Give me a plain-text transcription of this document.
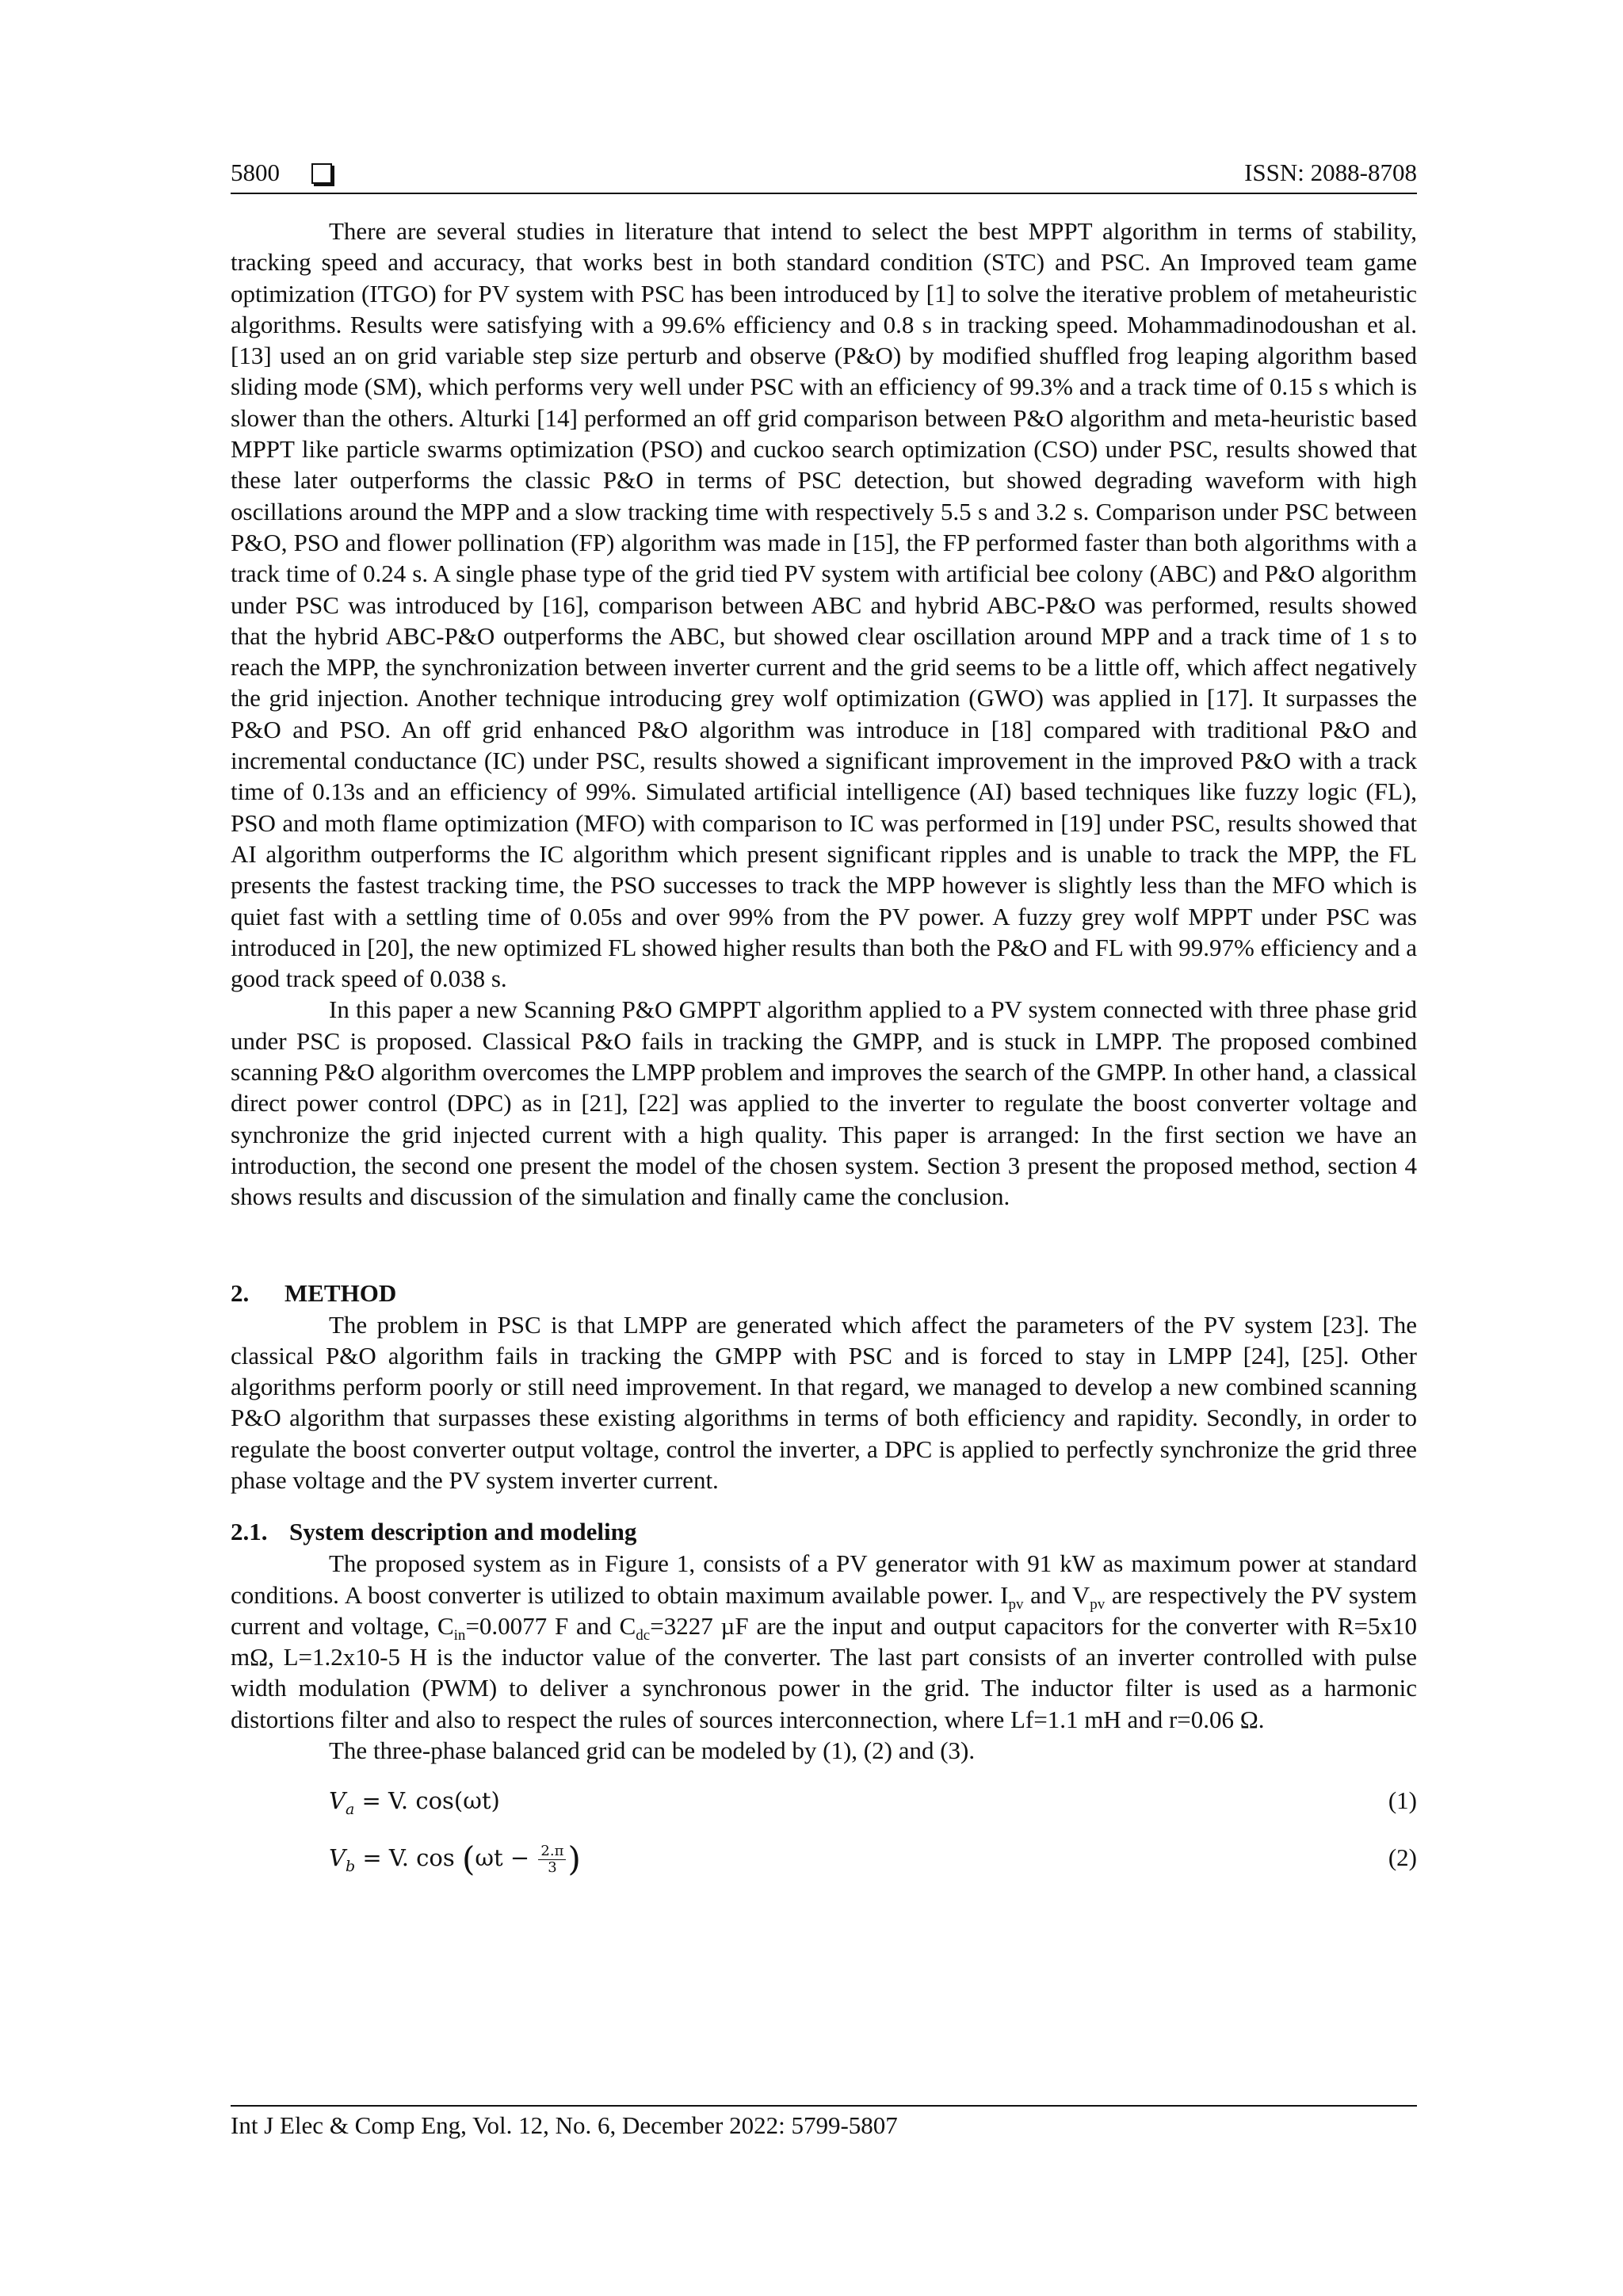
5800	ISSN: 2088-8708

There are several studies in literature that intend to select the best MPPT algorithm in terms of stability, tracking speed and accuracy, that works best in both standard condition (STC) and PSC. An Improved team game optimization (ITGO) for PV system with PSC has been introduced by [1] to solve the iterative problem of metaheuristic algorithms. Results were satisfying with a 99.6% efficiency and 0.8 s in tracking speed. Mohammadinodoushan et al. [13] used an on grid variable step size perturb and observe (P&O) by modified shuffled frog leaping algorithm based sliding mode (SM), which performs very well under PSC with an efficiency of 99.3% and a track time of 0.15 s which is slower than the others. Alturki [14] performed an off grid comparison between P&O algorithm and meta-heuristic based MPPT like particle swarms optimization (PSO) and cuckoo search optimization (CSO) under PSC, results showed that these later outperforms the classic P&O in terms of PSC detection, but showed degrading waveform with high oscillations around the MPP and a slow tracking time with respectively 5.5 s and 3.2 s. Comparison under PSC between P&O, PSO and flower pollination (FP) algorithm was made in [15], the FP performed faster than both algorithms with a track time of 0.24 s. A single phase type of the grid tied PV system with artificial bee colony (ABC) and P&O algorithm under PSC was introduced by [16], comparison between ABC and hybrid ABC-P&O was performed, results showed that the hybrid ABC-P&O outperforms the ABC, but showed clear oscillation around MPP and a track time of 1 s to reach the MPP, the synchronization between inverter current and the grid seems to be a little off, which affect negatively the grid injection. Another technique introducing grey wolf optimization (GWO) was applied in [17]. It surpasses the P&O and PSO. An off grid enhanced P&O algorithm was introduce in [18] compared with traditional P&O and incremental conductance (IC) under PSC, results showed a significant improvement in the improved P&O with a track time of 0.13s and an efficiency of 99%. Simulated artificial intelligence (AI) based techniques like fuzzy logic (FL), PSO and moth flame optimization (MFO) with comparison to IC was performed in [19] under PSC, results showed that AI algorithm outperforms the IC algorithm which present significant ripples and is unable to track the MPP, the FL presents the fastest tracking time, the PSO successes to track the MPP however is slightly less than the MFO which is quiet fast with a settling time of 0.05s and over 99% from the PV power. A fuzzy grey wolf MPPT under PSC was introduced in [20], the new optimized FL showed higher results than both the P&O and FL with 99.97% efficiency and a good track speed of 0.038 s.

In this paper a new Scanning P&O GMPPT algorithm applied to a PV system connected with three phase grid under PSC is proposed. Classical P&O fails in tracking the GMPP, and is stuck in LMPP. The proposed combined scanning P&O algorithm overcomes the LMPP problem and improves the search of the GMPP. In other hand, a classical direct power control (DPC) as in [21], [22] was applied to the inverter to regulate the boost converter voltage and synchronize the grid injected current with a high quality. This paper is arranged: In the first section we have an introduction, the second one present the model of the chosen system. Section 3 present the proposed method, section 4 shows results and discussion of the simulation and finally came the conclusion.

2. METHOD

The problem in PSC is that LMPP are generated which affect the parameters of the PV system [23]. The classical P&O algorithm fails in tracking the GMPP with PSC and is forced to stay in LMPP [24], [25]. Other algorithms perform poorly or still need improvement. In that regard, we managed to develop a new combined scanning P&O algorithm that surpasses these existing algorithms in terms of both efficiency and rapidity. Secondly, in order to regulate the boost converter output voltage, control the inverter, a DPC is applied to perfectly synchronize the grid three phase voltage and the PV system inverter current.

2.1. System description and modeling

The proposed system as in Figure 1, consists of a PV generator with 91 kW as maximum power at standard conditions. A boost converter is utilized to obtain maximum available power. $I_{pv}$ and $V_{pv}$ are respectively the PV system current and voltage, $C_{in}=0.0077$ F and $C_{dc}=3227$ µF are the input and output capacitors for the converter with R=5x10 mΩ, L=1.2x10-5 H is the inductor value of the converter. The last part consists of an inverter controlled with pulse width modulation (PWM) to deliver a synchronous power in the grid. The inductor filter is used as a harmonic distortions filter and also to respect the rules of sources interconnection, where Lf=1.1 mH and r=0.06 Ω.

The three-phase balanced grid can be modeled by (1), (2) and (3).

$V_a = V$. cos(ωt)	(1)
$V_b = V$. $\cos (\omega t - \frac{2.\pi}{3}$ )	(2)
Int J Elec & Comp Eng, Vol. 12, No. 6, December 2022: 5799-5807
